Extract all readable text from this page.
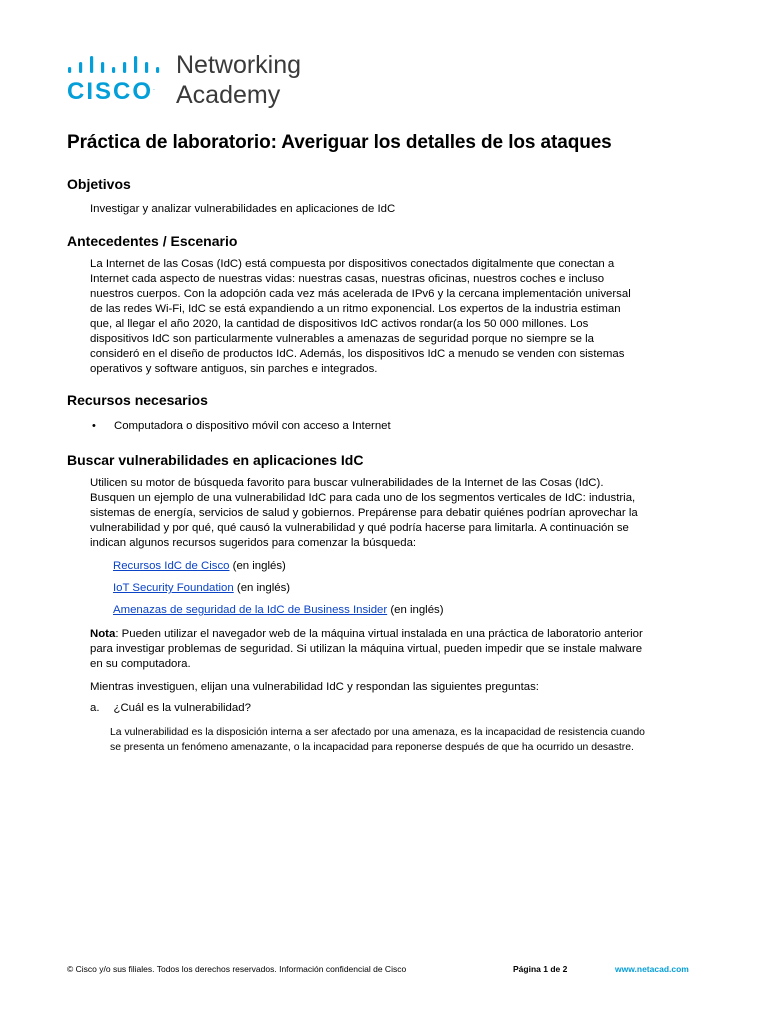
CISCO.
Networking
Academy
Práctica de laboratorio: Averiguar los detalles de los ataques
Objetivos

Investigar y analizar vulnerabilidades en aplicaciones de IdC

Antecedentes / Escenario

La Internet de las Cosas (IdC) está compuesta por dispositivos conectados digitalmente que conectan a
Internet cada aspecto de nuestras vidas: nuestras casas, nuestras oficinas, nuestros coches e incluso
nuestros cuerpos. Con la adopción cada vez más acelerada de IPv6 y la cercana implementación universal
de las redes Wi-Fi, IdC se está expandiendo a un ritmo exponencial. Los expertos de la industria estiman
que, al llegar el año 2020, la cantidad de dispositivos IdC activos rondar(a los 50 000 millones. Los
dispositivos IdC son particularmente vulnerables a amenazas de seguridad porque no siempre se la
consideró en el diseño de productos IdC. Además, los dispositivos IdC a menudo se venden con sistemas
operativos y software antiguos, sin parches e integrados.

Recursos necesarios
• Computadora o dispositivo móvil con acceso a Internet

Buscar vulnerabilidades en aplicaciones IdC

Utilicen su motor de búsqueda favorito para buscar vulnerabilidades de la Internet de las Cosas (IdC).
Busquen un ejemplo de una vulnerabilidad IdC para cada uno de los segmentos verticales de IdC: industria,
sistemas de energía, servicios de salud y gobiernos. Prepárense para debatir quiénes podrían aprovechar la
vulnerabilidad y por qué, qué causó la vulnerabilidad y qué podría hacerse para limitarla. A continuación se
indican algunos recursos sugeridos para comenzar la búsqueda:

Recursos IdC de Cisco (en inglés)

IoT Security Foundation (en inglés)

Amenazas de seguridad de la IdC de Business Insider (en inglés)

Nota: Pueden utilizar el navegador web de la máquina virtual instalada en una práctica de laboratorio anterior
para investigar problemas de seguridad. Si utilizan la máquina virtual, pueden impedir que se instale malware
en su computadora.

Mientras investiguen, elijan una vulnerabilidad IdC y respondan las siguientes preguntas:

a. ¿Cuál es la vulnerabilidad?

La vulnerabilidad es la disposición interna a ser afectado por una amenaza, es la incapacidad de resistencia cuando
se presenta un fenómeno amenazante, o la incapacidad para reponerse después de que ha ocurrido un desastre.
© Cisco y/o sus filiales. Todos los derechos reservados. Información confidencial de Cisco	Página 1 de 2	www.netacad.com
